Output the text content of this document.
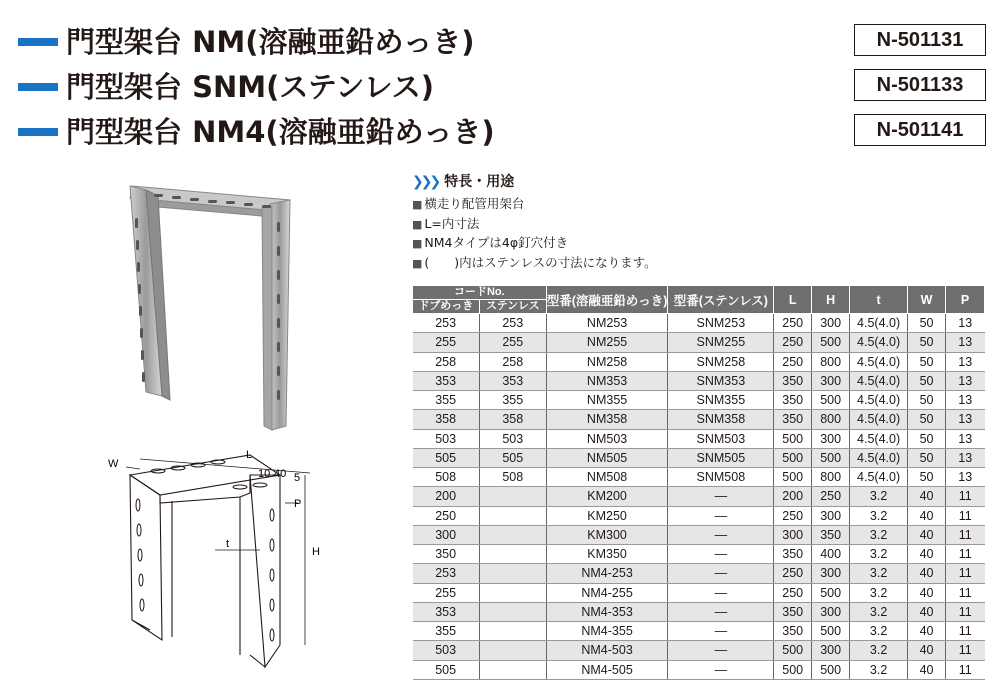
門型架台 NM(溶融亜鉛めっき)	N-501131
門型架台 SNM(ステンレス)	N-501133
門型架台 NM4(溶融亜鉛めっき)	N-501141
W
L
10 40 5
P
t
H
❯❯❯ 特長・用途
■ 横走り配管用架台
■ L=内寸法
■ NM4タイプは4φ釘穴付き
■ (　　)内はステンレスの寸法になります。
コードNo.		型番(溶融亜鉛めっき)	型番(ステンレス)	L	H	t	W	P
ドブめっき	ステンレス							
253	253	NM253	SNM253	250	300	4.5(4.0)	50	13
255	255	NM255	SNM255	250	500	4.5(4.0)	50	13
258	258	NM258	SNM258	250	800	4.5(4.0)	50	13
353	353	NM353	SNM353	350	300	4.5(4.0)	50	13
355	355	NM355	SNM355	350	500	4.5(4.0)	50	13
358	358	NM358	SNM358	350	800	4.5(4.0)	50	13
503	503	NM503	SNM503	500	300	4.5(4.0)	50	13
505	505	NM505	SNM505	500	500	4.5(4.0)	50	13
508	508	NM508	SNM508	500	800	4.5(4.0)	50	13
200		KM200	—	200	250	3.2	40	11
250		KM250	—	250	300	3.2	40	11
300		KM300	—	300	350	3.2	40	11
350		KM350	—	350	400	3.2	40	11
253		NM4-253	—	250	300	3.2	40	11
255		NM4-255	—	250	500	3.2	40	11
353		NM4-353	—	350	300	3.2	40	11
355		NM4-355	—	350	500	3.2	40	11
503		NM4-503	—	500	300	3.2	40	11
505		NM4-505	—	500	500	3.2	40	11
